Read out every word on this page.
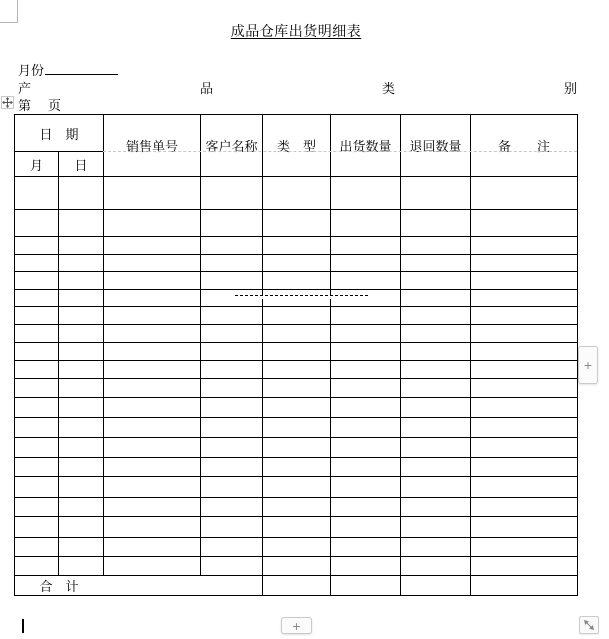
成品仓库出货明细表
月份
产	品	类	别
第 页
日　期		销售单号	客户名称	类　型	出货数量	退回数量	备　　注
月	日						

合　计							
+
+
